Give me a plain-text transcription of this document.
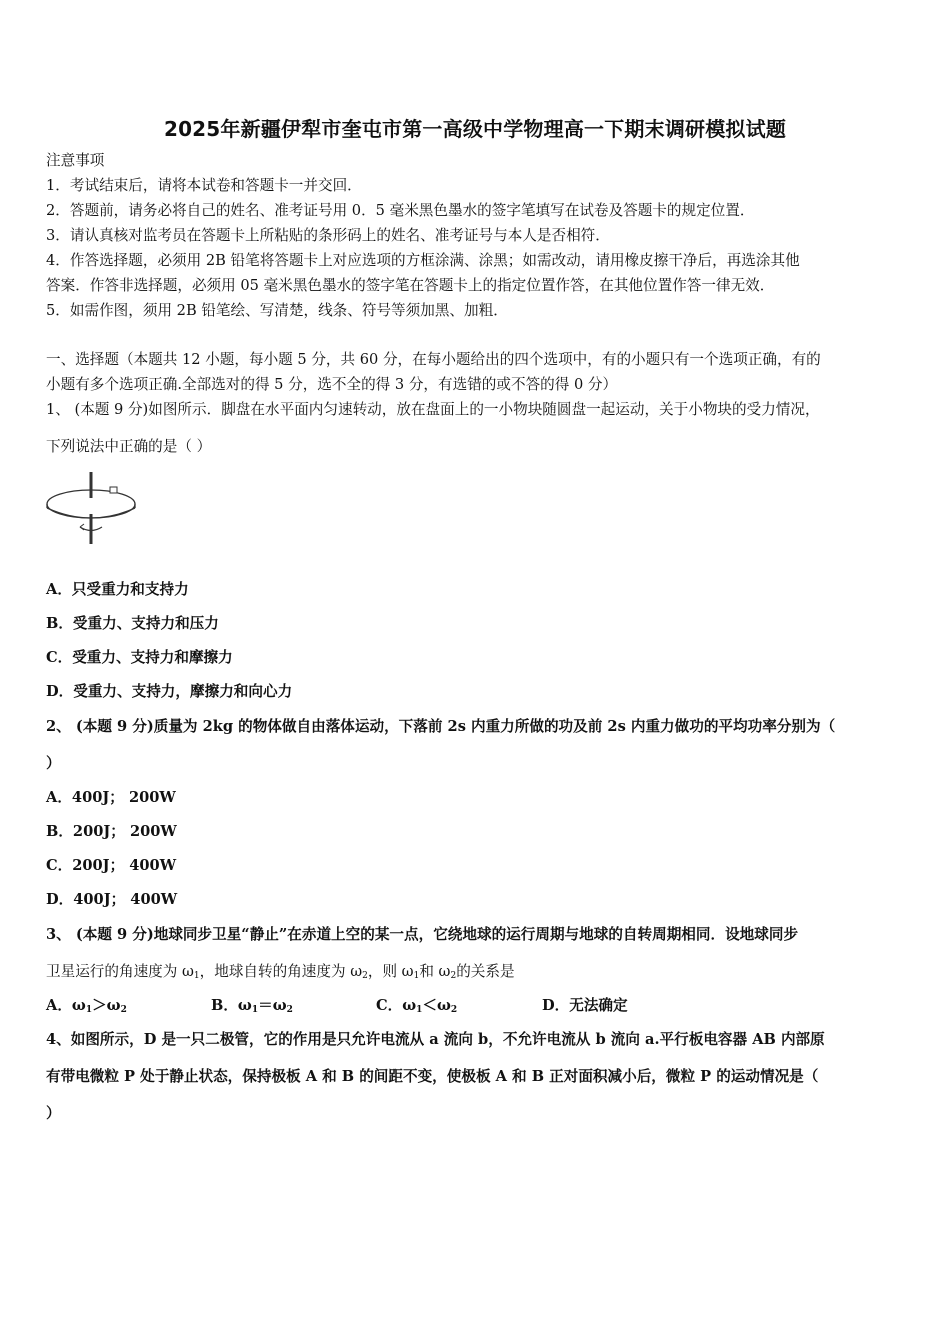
2025年新疆伊犁市奎屯市第一高级中学物理高一下期末调研模拟试题
注意事项
1．考试结束后，请将本试卷和答题卡一并交回．
2．答题前，请务必将自己的姓名、准考证号用 0．5 毫米黑色墨水的签字笔填写在试卷及答题卡的规定位置．
3．请认真核对监考员在答题卡上所粘贴的条形码上的姓名、准考证号与本人是否相符．
4．作答选择题，必须用 2B 铅笔将答题卡上对应选项的方框涂满、涂黑；如需改动，请用橡皮擦干净后，再选涂其他
答案．作答非选择题，必须用 05 毫米黑色墨水的签字笔在答题卡上的指定位置作答，在其他位置作答一律无效．
5．如需作图，须用 2B 铅笔绘、写清楚，线条、符号等须加黑、加粗．
一、选择题（本题共 12 小题，每小题 5 分，共 60 分，在每小题给出的四个选项中，有的小题只有一个选项正确，有的
小题有多个选项正确.全部选对的得 5 分，选不全的得 3 分，有选错的或不答的得 0 分）
1、 (本题 9 分)如图所示．脚盘在水平面内匀速转动，放在盘面上的一小物块随圆盘一起运动，关于小物块的受力情况，
下列说法中正确的是（ ）
A．只受重力和支持力
B．受重力、支持力和压力
C．受重力、支持力和摩擦力
D．受重力、支持力，摩擦力和向心力
2、 (本题 9 分)质量为 2kg 的物体做自由落体运动，下落前 2s 内重力所做的功及前 2s 内重力做功的平均功率分别为（
）
A．400J； 200W
B．200J； 200W
C．200J； 400W
D．400J； 400W
3、 (本题 9 分)地球同步卫星“静止”在赤道上空的某一点，它绕地球的运行周期与地球的自转周期相同．设地球同步
卫星运行的角速度为 $\omega_1$，地球自转的角速度为 $\omega_2$，则 $\omega_1$和 $\omega_2$的关系是
A．$\omega_1>\omega_2$	B．$\omega_1=\omega_2$	C．$\omega_1<\omega_2$	D．无法确定
4、如图所示，D 是一只二极管，它的作用是只允许电流从 a 流向 b，不允许电流从 b 流向 a.平行板电容器 AB 内部原
有带电微粒 P 处于静止状态，保持极板 A 和 B 的间距不变，使极板 A 和 B 正对面积减小后，微粒 P 的运动情况是（
）
